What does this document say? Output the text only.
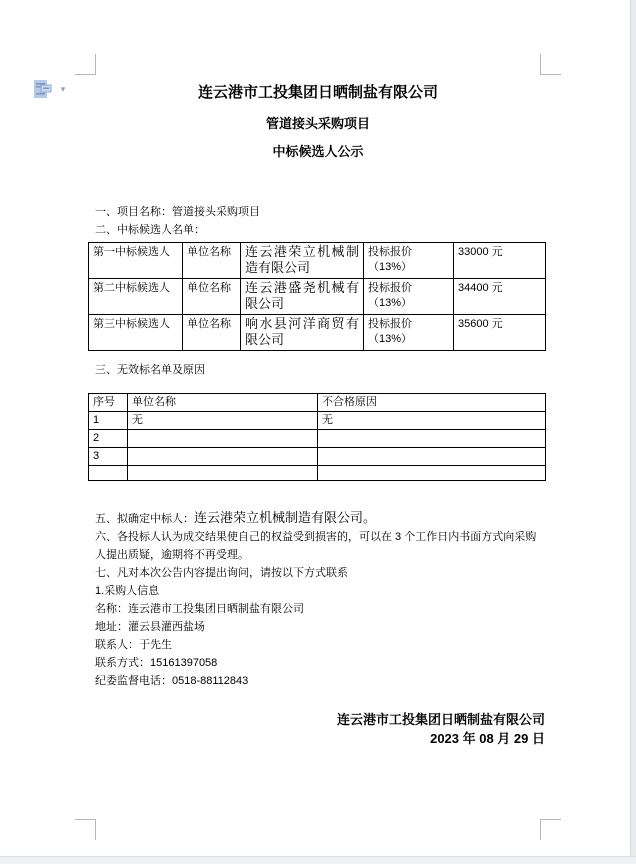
▾	连云港市工投集团日晒制盐有限公司
管道接头采购项目
中标候选人公示
一、项目名称：管道接头采购项目
二、中标候选人名单：
第一中标候选人	单位名称	连云港荣立机械制造有限公司	投标报价（13%）	33000 元
第二中标候选人	单位名称	连云港盛尧机械有限公司	投标报价（13%）	34400 元
第三中标候选人	单位名称	响水县河洋商贸有限公司	投标报价（13%）	35600 元
三、无效标名单及原因
序号	单位名称	不合格原因
1	无	无
2		
3		

五、拟确定中标人：连云港荣立机械制造有限公司。
六、各投标人认为成交结果使自己的权益受到损害的，可以在 3 个工作日内书面方式向采购人提出质疑，逾期将不再受理。
七、凡对本次公告内容提出询问，请按以下方式联系
1.采购人信息
名称：连云港市工投集团日晒制盐有限公司
地址：灌云县灌西盐场
联系人：于先生
联系方式：15161397058
纪委监督电话：0518-88112843
连云港市工投集团日晒制盐有限公司
2023 年 08 月 29 日
